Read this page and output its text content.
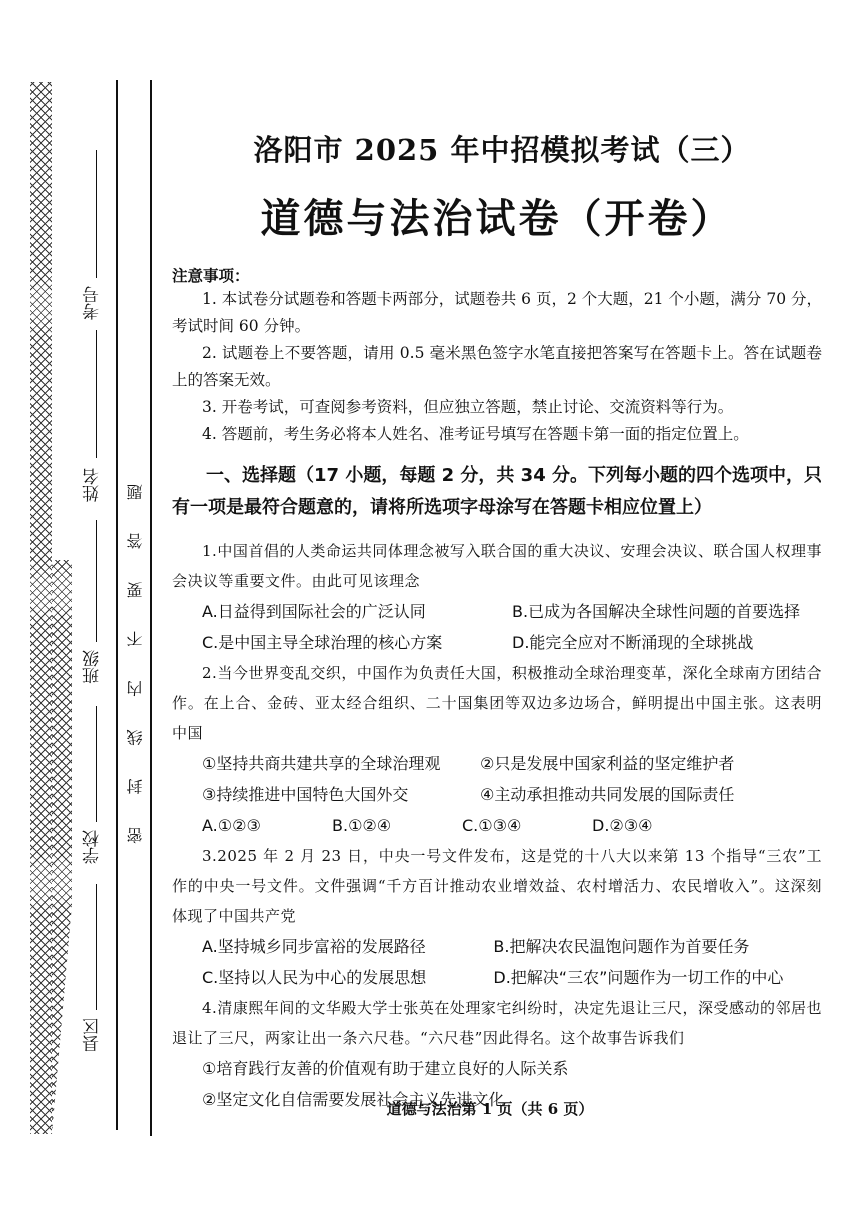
考号
姓名
班级
学校
县区
密 封 线 内 不 要 答 题
洛阳市 2025 年中招模拟考试（三）
道德与法治试卷（开卷）
注意事项：

1. 本试卷分试题卷和答题卡两部分，试题卷共 6 页，2 个大题，21 个小题，满分 70 分，考试时间 60 分钟。

2. 试题卷上不要答题，请用 0.5 毫米黑色签字水笔直接把答案写在答题卡上。答在试题卷上的答案无效。

3. 开卷考试，可查阅参考资料，但应独立答题，禁止讨论、交流资料等行为。

4. 答题前，考生务必将本人姓名、准考证号填写在答题卡第一面的指定位置上。

一、选择题（17 小题，每题 2 分，共 34 分。下列每小题的四个选项中，只有一项是最符合题意的，请将所选项字母涂写在答题卡相应位置上）
1.中国首倡的人类命运共同体理念被写入联合国的重大决议、安理会决议、联合国人权理事会决议等重要文件。由此可见该理念
A.日益得到国际社会的广泛认同	B.已成为各国解决全球性问题的首要选择
C.是中国主导全球治理的核心方案	D.能完全应对不断涌现的全球挑战
2.当今世界变乱交织，中国作为负责任大国，积极推动全球治理变革，深化全球南方团结合作。在上合、金砖、亚太经合组织、二十国集团等双边多边场合，鲜明提出中国主张。这表明中国
①坚持共商共建共享的全球治理观	②只是发展中国家利益的坚定维护者
③持续推进中国特色大国外交	④主动承担推动共同发展的国际责任
A.①②③	B.①②④	C.①③④	D.②③④
3.2025 年 2 月 23 日，中央一号文件发布，这是党的十八大以来第 13 个指导“三农”工作的中央一号文件。文件强调“千方百计推动农业增效益、农村增活力、农民增收入”。这深刻体现了中国共产党
A.坚持城乡同步富裕的发展路径	B.把解决农民温饱问题作为首要任务
C.坚持以人民为中心的发展思想	D.把解决“三农”问题作为一切工作的中心
4.清康熙年间的文华殿大学士张英在处理家宅纠纷时，决定先退让三尺，深受感动的邻居也退让了三尺，两家让出一条六尺巷。“六尺巷”因此得名。这个故事告诉我们
①培育践行友善的价值观有助于建立良好的人际关系
②坚定文化自信需要发展社会主义先进文化
道德与法治第 1 页（共 6 页）
